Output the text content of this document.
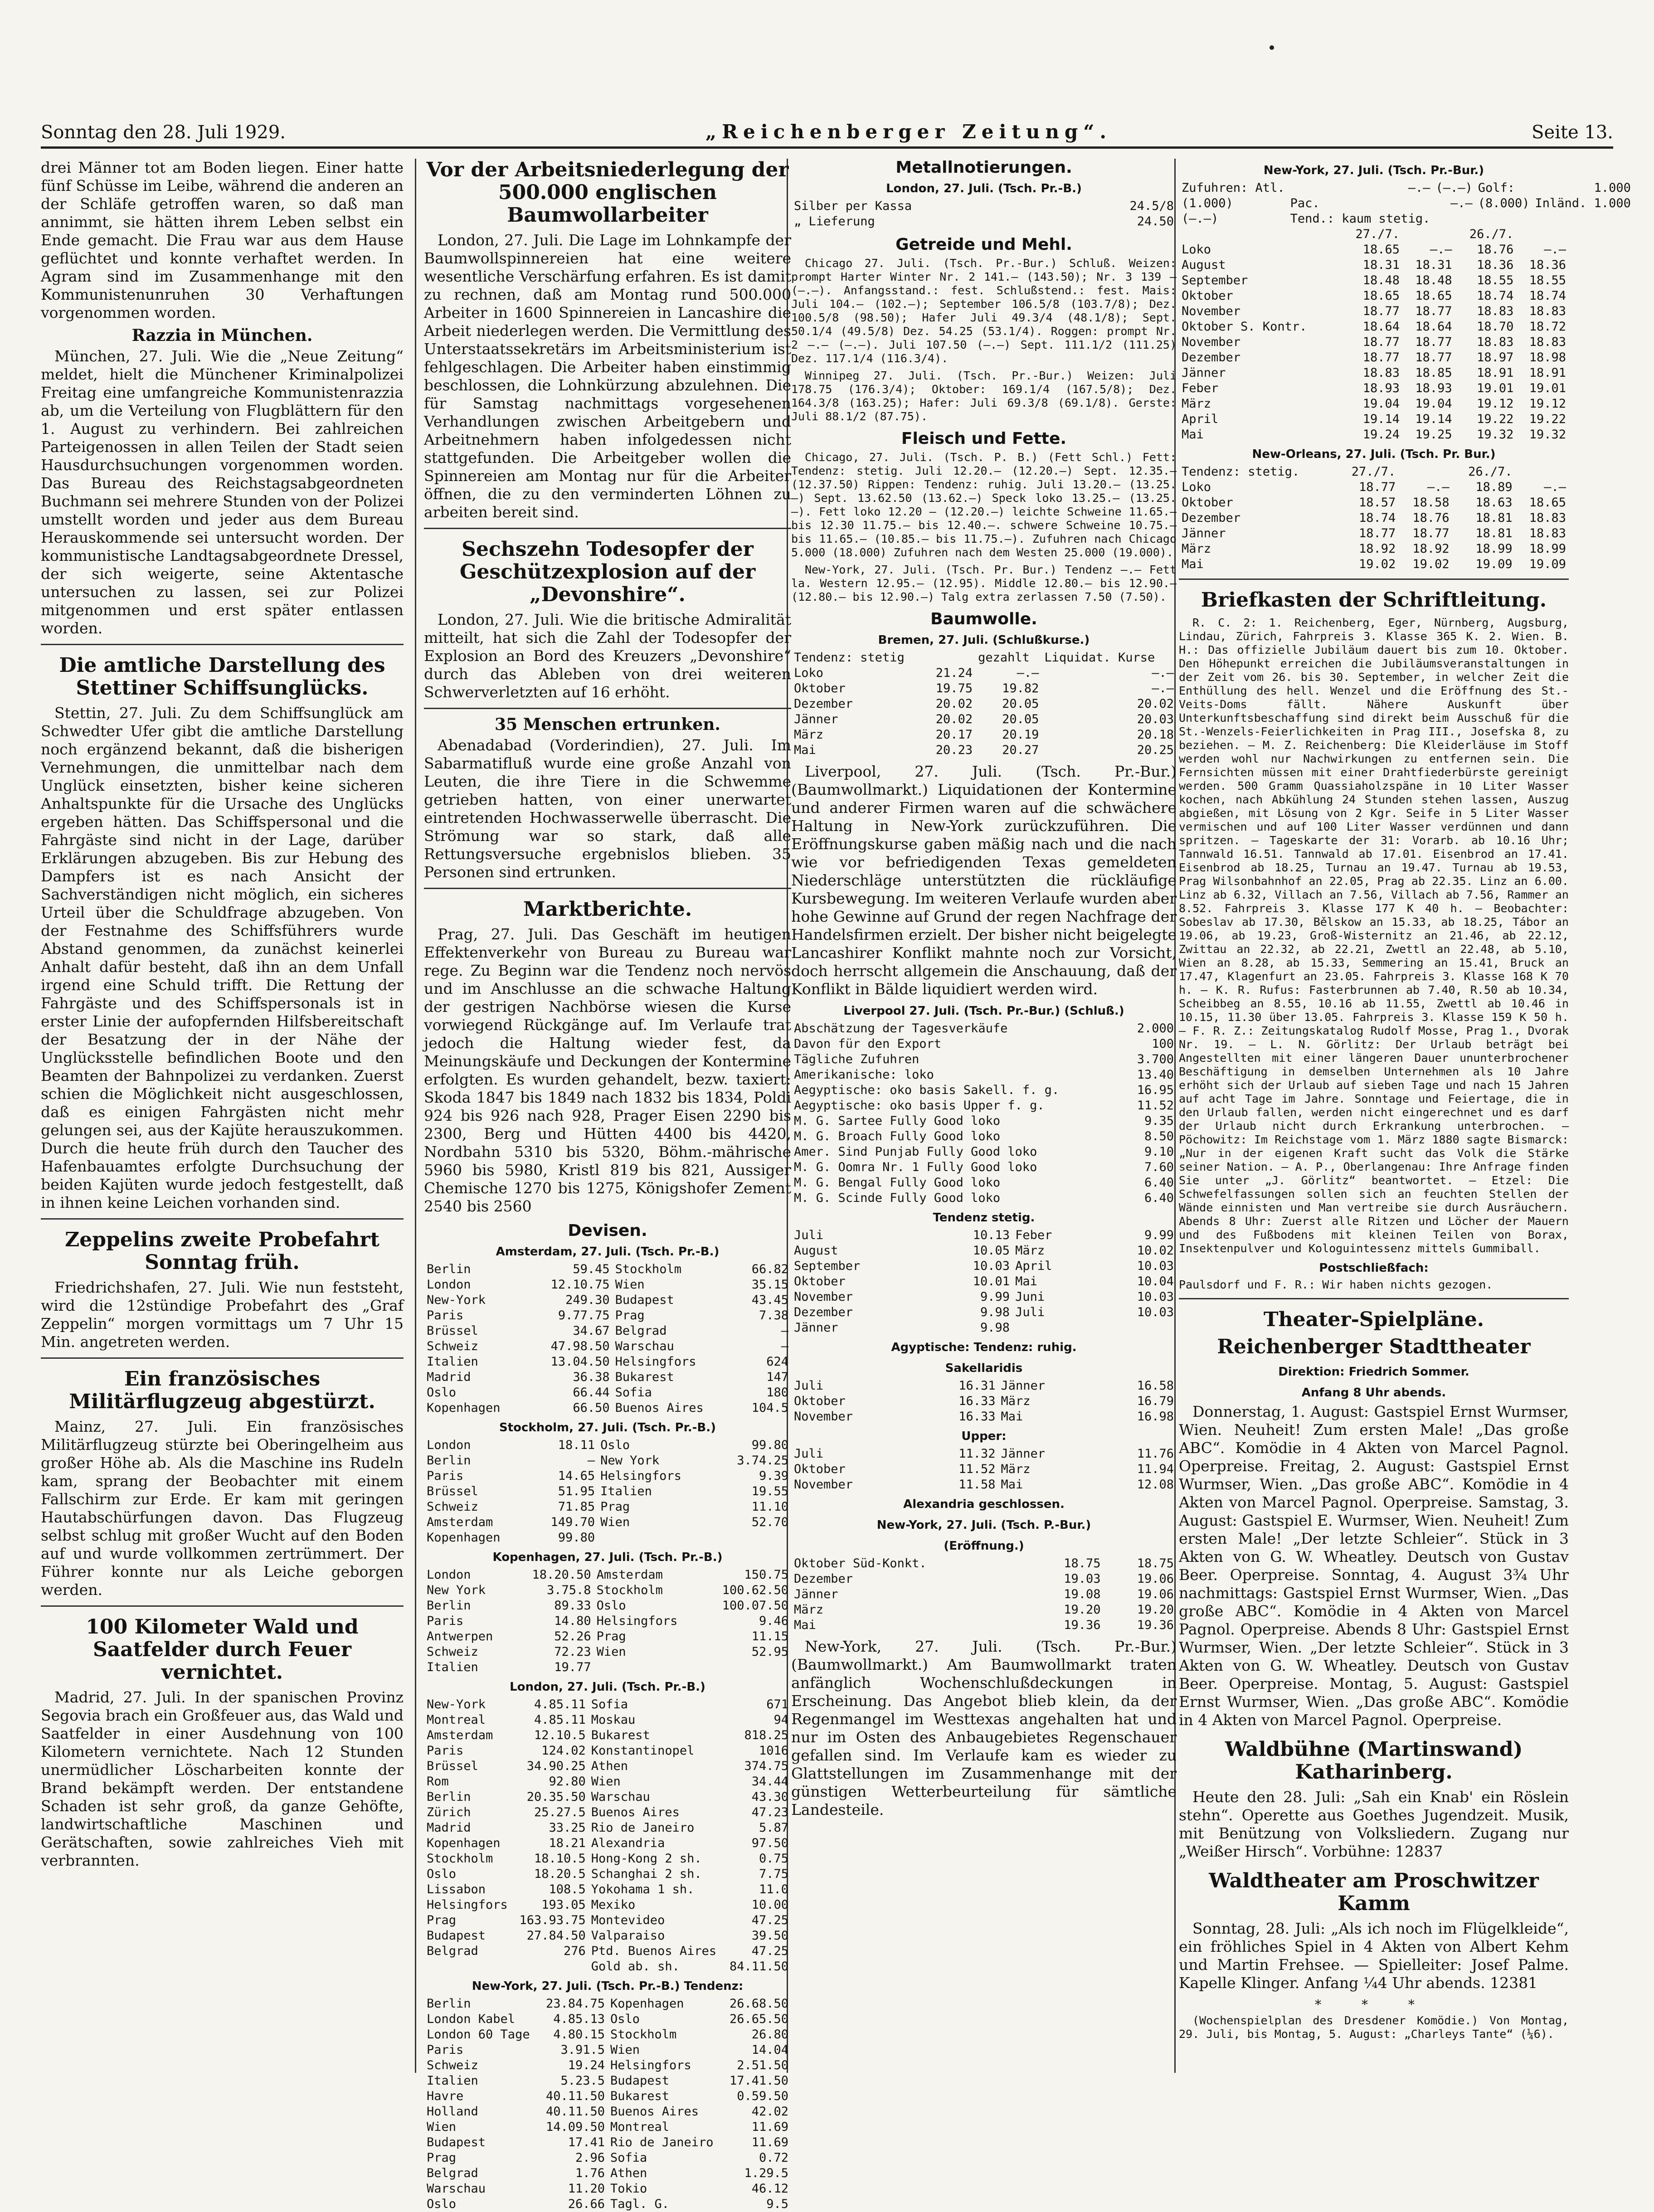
Sonntag den 28. Juli 1929.	„Reichenberger Zeitung“.	Seite 13.

drei Männer tot am Boden liegen. Einer hatte fünf Schüsse im Leibe, während die anderen an der Schläfe getroffen waren, so daß man annimmt, sie hätten ihrem Leben selbst ein Ende gemacht. Die Frau war aus dem Hause geflüchtet und konnte verhaftet werden. In Agram sind im Zusammenhange mit den Kommunistenunruhen 30 Verhaftungen vorgenommen worden.

Razzia in München.

München, 27. Juli. Wie die „Neue Zeitung“ meldet, hielt die Münchener Kriminalpolizei Freitag eine umfangreiche Kommunistenrazzia ab, um die Verteilung von Flugblättern für den 1. August zu verhindern. Bei zahlreichen Parteigenossen in allen Teilen der Stadt seien Hausdurchsuchungen vorgenommen worden. Das Bureau des Reichstagsabgeordneten Buchmann sei mehrere Stunden von der Polizei umstellt worden und jeder aus dem Bureau Herauskommende sei untersucht worden. Der kommunistische Landtagsabgeordnete Dressel, der sich weigerte, seine Aktentasche untersuchen zu lassen, sei zur Polizei mitgenommen und erst später entlassen worden.

Die amtliche Darstellung des Stettiner Schiffsunglücks.

Stettin, 27. Juli. Zu dem Schiffsunglück am Schwedter Ufer gibt die amtliche Darstellung noch ergänzend bekannt, daß die bisherigen Vernehmungen, die unmittelbar nach dem Unglück einsetzten, bisher keine sicheren Anhaltspunkte für die Ursache des Unglücks ergeben hätten. Das Schiffspersonal und die Fahrgäste sind nicht in der Lage, darüber Erklärungen abzugeben. Bis zur Hebung des Dampfers ist es nach Ansicht der Sachverständigen nicht möglich, ein sicheres Urteil über die Schuldfrage abzugeben. Von der Festnahme des Schiffsführers wurde Abstand genommen, da zunächst keinerlei Anhalt dafür besteht, daß ihn an dem Unfall irgend eine Schuld trifft. Die Rettung der Fahrgäste und des Schiffspersonals ist in erster Linie der aufopfernden Hilfsbereitschaft der Besatzung der in der Nähe der Unglücksstelle befindlichen Boote und den Beamten der Bahnpolizei zu verdanken. Zuerst schien die Möglichkeit nicht ausgeschlossen, daß es einigen Fahrgästen nicht mehr gelungen sei, aus der Kajüte herauszukommen. Durch die heute früh durch den Taucher des Hafenbauamtes erfolgte Durchsuchung der beiden Kajüten wurde jedoch festgestellt, daß in ihnen keine Leichen vorhanden sind.

Zeppelins zweite Probefahrt Sonntag früh.

Friedrichshafen, 27. Juli. Wie nun feststeht, wird die 12stündige Probefahrt des „Graf Zeppelin“ morgen vormittags um 7 Uhr 15 Min. angetreten werden.

Ein französisches Militärflugzeug abgestürzt.

Mainz, 27. Juli. Ein französisches Militärflugzeug stürzte bei Oberingelheim aus großer Höhe ab. Als die Maschine ins Rudeln kam, sprang der Beobachter mit einem Fallschirm zur Erde. Er kam mit geringen Hautabschürfungen davon. Das Flugzeug selbst schlug mit großer Wucht auf den Boden auf und wurde vollkommen zertrümmert. Der Führer konnte nur als Leiche geborgen werden.

100 Kilometer Wald und Saatfelder durch Feuer vernichtet.

Madrid, 27. Juli. In der spanischen Provinz Segovia brach ein Großfeuer aus, das Wald und Saatfelder in einer Ausdehnung von 100 Kilometern vernichtete. Nach 12 Stunden unermüdlicher Löscharbeiten konnte der Brand bekämpft werden. Der entstandene Schaden ist sehr groß, da ganze Gehöfte, landwirtschaftliche Maschinen und Gerätschaften, sowie zahlreiches Vieh mit verbrannten.

Vor der Arbeitsniederlegung der 500.000 englischen Baumwollarbeiter

London, 27. Juli. Die Lage im Lohnkampfe der Baumwollspinnereien hat eine weitere wesentliche Verschärfung erfahren. Es ist damit zu rechnen, daß am Montag rund 500.000 Arbeiter in 1600 Spinnereien in Lancashire die Arbeit niederlegen werden. Die Vermittlung des Unterstaatssekretärs im Arbeitsministerium ist fehlgeschlagen. Die Arbeiter haben einstimmig beschlossen, die Lohnkürzung abzulehnen. Die für Samstag nachmittags vorgesehenen Verhandlungen zwischen Arbeitgebern und Arbeitnehmern haben infolgedessen nicht stattgefunden. Die Arbeitgeber wollen die Spinnereien am Montag nur für die Arbeiter öffnen, die zu den verminderten Löhnen zu arbeiten bereit sind.

Sechszehn Todesopfer der Geschützexplosion auf der „Devonshire“.

London, 27. Juli. Wie die britische Admiralität mitteilt, hat sich die Zahl der Todesopfer der Explosion an Bord des Kreuzers „Devonshire“ durch das Ableben von drei weiteren Schwerverletzten auf 16 erhöht.

35 Menschen ertrunken.

Abenadabad (Vorderindien), 27. Juli. Im Sabarmatifluß wurde eine große Anzahl von Leuten, die ihre Tiere in die Schwemme getrieben hatten, von einer unerwartet eintretenden Hochwasserwelle überrascht. Die Strömung war so stark, daß alle Rettungsversuche ergebnislos blieben. 35 Personen sind ertrunken.

Marktberichte.

Prag, 27. Juli. Das Geschäft im heutigen Effektenverkehr von Bureau zu Bureau war rege. Zu Beginn war die Tendenz noch nervös und im Anschlusse an die schwache Haltung der gestrigen Nachbörse wiesen die Kurse vorwiegend Rückgänge auf. Im Verlaufe trat jedoch die Haltung wieder fest, da Meinungskäufe und Deckungen der Kontermine erfolgten. Es wurden gehandelt, bezw. taxiert: Skoda 1847 bis 1849 nach 1832 bis 1834, Poldi 924 bis 926 nach 928, Prager Eisen 2290 bis 2300, Berg und Hütten 4400 bis 4420, Nordbahn 5310 bis 5320, Böhm.-mährische 5960 bis 5980, Kristl 819 bis 821, Aussiger Chemische 1270 bis 1275, Königshofer Zement 2540 bis 2560

Devisen.
Amsterdam, 27. Juli. (Tsch. Pr.-B.)
Berlin	59.45	Stockholm	66.82
London	12.10.75	Wien	35.15
New-York	249.30	Budapest	43.45
Paris	9.77.75	Prag	7.38
Brüssel	34.67	Belgrad	—
Schweiz	47.98.50	Warschau	—
Italien	13.04.50	Helsingfors	624
Madrid	36.38	Bukarest	147
Oslo	66.44	Sofia	180
Kopenhagen	66.50	Buenos Aires	104.5
Stockholm, 27. Juli. (Tsch. Pr.-B.)
London	18.11	Oslo	99.80
Berlin	—	New York	3.74.25
Paris	14.65	Helsingfors	9.39
Brüssel	51.95	Italien	19.55
Schweiz	71.85	Prag	11.10
Amsterdam	149.70	Wien	52.70
Kopenhagen	99.80		
Kopenhagen, 27. Juli. (Tsch. Pr.-B.)
London	18.20.50	Amsterdam	150.75
New York	3.75.8	Stockholm	100.62.50
Berlin	89.33	Oslo	100.07.50
Paris	14.80	Helsingfors	9.46
Antwerpen	52.26	Prag	11.15
Schweiz	72.23	Wien	52.95
Italien	19.77		
London, 27. Juli. (Tsch. Pr.-B.)
New-York	4.85.11	Sofia	671
Montreal	4.85.11	Moskau	94
Amsterdam	12.10.5	Bukarest	818.25
Paris	124.02	Konstantinopel	1016
Brüssel	34.90.25	Athen	374.75
Rom	92.80	Wien	34.44
Berlin	20.35.50	Warschau	43.30
Zürich	25.27.5	Buenos Aires	47.23
Madrid	33.25	Rio de Janeiro	5.87
Kopenhagen	18.21	Alexandria	97.50
Stockholm	18.10.5	Hong-Kong 2 sh.	0.75
Oslo	18.20.5	Schanghai 2 sh.	7.75
Lissabon	108.5	Yokohama 1 sh.	11.0
Helsingfors	193.05	Mexiko	10.00
Prag	163.93.75	Montevideo	47.25
Budapest	27.84.50	Valparaiso	39.50
Belgrad	276	Ptd. Buenos Aires	47.25
		Gold ab. sh.	84.11.50
New-York, 27. Juli. (Tsch. Pr.-B.) Tendenz:
Berlin	23.84.75	Kopenhagen	26.68.50
London Kabel	4.85.13	Oslo	26.65.50
London 60 Tage	4.80.15	Stockholm	26.80
Paris	3.91.5	Wien	14.04
Schweiz	19.24	Helsingfors	2.51.50
Italien	5.23.5	Budapest	17.41.50
Havre	40.11.50	Bukarest	0.59.50
Holland	40.11.50	Buenos Aires	42.02
Wien	14.09.50	Montreal	11.69
Budapest	17.41	Rio de Janeiro	11.69
Prag	2.96	Sofia	0.72
Belgrad	1.76	Athen	1.29.5
Warschau	11.20	Tokio	46.12
Oslo	26.66	Tagl. G.	9.5
Metallnotierungen.
London, 27. Juli. (Tsch. Pr.-B.)
Silber per Kassa	24.5/8
„ Lieferung	24.50
Getreide und Mehl.

Chicago 27. Juli. (Tsch. Pr.-Bur.) Schluß. Weizen: prompt Harter Winter Nr. 2 141.— (143.50); Nr. 3 139 — (—.—). Anfangsstand.: fest. Schlußstend.: fest. Mais: Juli 104.— (102.—); September 106.5/8 (103.7/8); Dez. 100.5/8 (98.50); Hafer Juli 49.3/4 (48.1/8); Sept. 50.1/4 (49.5/8) Dez. 54.25 (53.1/4). Roggen: prompt Nr. 2 —.— (—.—). Juli 107.50 (—.—) Sept. 111.1/2 (111.25) Dez. 117.1/4 (116.3/4).

Winnipeg 27. Juli. (Tsch. Pr.-Bur.) Weizen: Juli 178.75 (176.3/4); Oktober: 169.1/4 (167.5/8); Dez. 164.3/8 (163.25); Hafer: Juli 69.3/8 (69.1/8). Gerste: Juli 88.1/2 (87.75).

Fleisch und Fette.

Chicago, 27. Juli. (Tsch. P. B.) (Fett Schl.) Fett: Tendenz: stetig. Juli 12.20.— (12.20.—) Sept. 12.35.— (12.37.50) Rippen: Tendenz: ruhig. Juli 13.20.— (13.25.—) Sept. 13.62.50 (13.62.—) Speck loko 13.25.— (13.25.—). Fett loko 12.20 — (12.20.—) leichte Schweine 11.65.— bis 12.30 11.75.— bis 12.40.—. schwere Schweine 10.75.— bis 11.65.— (10.85.— bis 11.75.—). Zufuhren nach Chicago 5.000 (18.000) Zufuhren nach dem Westen 25.000 (19.000).

New-York, 27. Juli. (Tsch. Pr. Bur.) Tendenz —.— Fett la. Western 12.95.— (12.95). Middle 12.80.— bis 12.90.— (12.80.— bis 12.90.—) Talg extra zerlassen 7.50 (7.50).

Baumwolle.
Bremen, 27. Juli. (Schlußkurse.)
Tendenz: stetig		gezahlt	Liquidat. Kurse
Loko	21.24	—.—	—.—
Oktober	19.75	19.82	—.—
Dezember	20.02	20.05	20.02
Jänner	20.02	20.05	20.03
März	20.17	20.19	20.18
Mai	20.23	20.27	20.25

Liverpool, 27. Juli. (Tsch. Pr.-Bur.) (Baumwollmarkt.) Liquidationen der Kontermine und anderer Firmen waren auf die schwächere Haltung in New-York zurückzuführen. Die Eröffnungskurse gaben mäßig nach und die nach wie vor befriedigenden Texas gemeldeten Niederschläge unterstützten die rückläufige Kursbewegung. Im weiteren Verlaufe wurden aber hohe Gewinne auf Grund der regen Nachfrage der Handelsfirmen erzielt. Der bisher nicht beigelegte Lancashirer Konflikt mahnte noch zur Vorsicht, doch herrscht allgemein die Anschauung, daß der Konflikt in Bälde liquidiert werden wird.

Liverpool 27. Juli. (Tsch. Pr.-Bur.) (Schluß.)
Abschätzung der Tagesverkäufe	2.000
Davon für den Export	100
Tägliche Zufuhren	3.700
Amerikanische: loko	13.40
Aegyptische: oko basis Sakell. f. g.	16.95
Aegyptische: oko basis Upper f. g.	11.52
M. G. Sartee Fully Good loko	9.35
M. G. Broach Fully Good loko	8.50
Amer. Sind Punjab Fully Good loko	9.10
M. G. Oomra Nr. 1 Fully Good loko	7.60
M. G. Bengal Fully Good loko	6.40
M. G. Scinde Fully Good loko	6.40
Tendenz stetig.
Juli	10.13	Feber	9.99
August	10.05	März	10.02
September	10.03	April	10.03
Oktober	10.01	Mai	10.04
November	9.99	Juni	10.03
Dezember	9.98	Juli	10.03
Jänner	9.98		
Agyptische: Tendenz: ruhig.
Sakellaridis
Juli	16.31	Jänner	16.58
Oktober	16.33	März	16.79
November	16.33	Mai	16.98
Upper:
Juli	11.32	Jänner	11.76
Oktober	11.52	März	11.94
November	11.58	Mai	12.08
Alexandria geschlossen.
New-York, 27. Juli. (Tsch. P.-Bur.)
(Eröffnung.)
Oktober Süd-Konkt.	18.75	18.75
Dezember	19.03	19.06
Jänner	19.08	19.06
März	19.20	19.20
Mai	19.36	19.36

New-York, 27. Juli. (Tsch. Pr.-Bur.) (Baumwollmarkt.) Am Baumwollmarkt traten anfänglich Wochenschlußdeckungen in Erscheinung. Das Angebot blieb klein, da der Regenmangel im Westtexas angehalten hat und nur im Osten des Anbaugebietes Regenschauer gefallen sind. Im Verlaufe kam es wieder zu Glattstellungen im Zusammenhange mit der günstigen Wetterbeurteilung für sämtliche Landesteile.

New-York, 27. Juli. (Tsch. Pr.-Bur.)
Zufuhren: Atl.	—.—	(—.—)	Golf:	1.000
(1.000)	Pac.	—.—	(8.000)	Inländ. 1.000
(—.—)	Tend.: kaum stetig.			
	27./7.		26./7.	
Loko	18.65	—.—	18.76	—.—
August	18.31	18.31	18.36	18.36
September	18.48	18.48	18.55	18.55
Oktober	18.65	18.65	18.74	18.74
November	18.77	18.77	18.83	18.83
Oktober S. Kontr.	18.64	18.64	18.70	18.72
November	18.77	18.77	18.83	18.83
Dezember	18.77	18.77	18.97	18.98
Jänner	18.83	18.85	18.91	18.91
Feber	18.93	18.93	19.01	19.01
März	19.04	19.04	19.12	19.12
April	19.14	19.14	19.22	19.22
Mai	19.24	19.25	19.32	19.32
New-Orleans, 27. Juli. (Tsch. Pr. Bur.)
Tendenz: stetig.	27./7.		26./7.	
Loko	18.77	—.—	18.89	—.—
Oktober	18.57	18.58	18.63	18.65
Dezember	18.74	18.76	18.81	18.83
Jänner	18.77	18.77	18.81	18.83
März	18.92	18.92	18.99	18.99
Mai	19.02	19.02	19.09	19.09
Briefkasten der Schriftleitung.

R. C. 2: 1. Reichenberg, Eger, Nürnberg, Augsburg, Lindau, Zürich, Fahrpreis 3. Klasse 365 K. 2. Wien. B. H.: Das offizielle Jubiläum dauert bis zum 10. Oktober. Den Höhepunkt erreichen die Jubiläumsveranstaltungen in der Zeit vom 26. bis 30. September, in welcher Zeit die Enthüllung des hell. Wenzel und die Eröffnung des St.-Veits-Doms fällt. Nähere Auskunft über Unterkunftsbeschaffung sind direkt beim Ausschuß für die St.-Wenzels-Feierlichkeiten in Prag III., Josefska 8, zu beziehen. — M. Z. Reichenberg: Die Kleiderläuse im Stoff werden wohl nur Nachwirkungen zu entfernen sein. Die Fernsichten müssen mit einer Drahtfiederbürste gereinigt werden. 500 Gramm Quassiaholzspäne in 10 Liter Wasser kochen, nach Abkühlung 24 Stunden stehen lassen, Auszug abgießen, mit Lösung von 2 Kgr. Seife in 5 Liter Wasser vermischen und auf 100 Liter Wasser verdünnen und dann spritzen. — Tageskarte der 31: Vorarb. ab 10.16 Uhr; Tannwald 16.51. Tannwald ab 17.01. Eisenbrod an 17.41. Eisenbrod ab 18.25, Turnau an 19.47. Turnau ab 19.53, Prag Wilsonbahnhof an 22.05, Prag ab 22.35. Linz an 6.00. Linz ab 6.32, Villach an 7.56, Villach ab 7.56, Rammer an 8.52. Fahrpreis 3. Klasse 177 K 40 h. — Beobachter: Sobeslav ab 17.30, Bělskow an 15.33, ab 18.25, Tábor an 19.06, ab 19.23, Groß-Wisternitz an 21.46, ab 22.12, Zwittau an 22.32, ab 22.21, Zwettl an 22.48, ab 5.10, Wien an 8.28, ab 15.33, Semmering an 15.41, Bruck an 17.47, Klagenfurt an 23.05. Fahrpreis 3. Klasse 168 K 70 h. — K. R. Rufus: Fasterbrunnen ab 7.40, R.50 ab 10.34, Scheibbeg an 8.55, 10.16 ab 11.55, Zwettl ab 10.46 in 10.15, 11.30 über 13.05. Fahrpreis 3. Klasse 159 K 50 h. — F. R. Z.: Zeitungskatalog Rudolf Mosse, Prag 1., Dvorak Nr. 19. — L. N. Görlitz: Der Urlaub beträgt bei Angestellten mit einer längeren Dauer ununterbrochener Beschäftigung in demselben Unternehmen als 10 Jahre erhöht sich der Urlaub auf sieben Tage und nach 15 Jahren auf acht Tage im Jahre. Sonntage und Feiertage, die in den Urlaub fallen, werden nicht eingerechnet und es darf der Urlaub nicht durch Erkrankung unterbrochen. — Pöchowitz: Im Reichstage vom 1. März 1880 sagte Bismarck: „Nur in der eigenen Kraft sucht das Volk die Stärke seiner Nation. — A. P., Oberlangenau: Ihre Anfrage finden Sie unter „J. Görlitz“ beantwortet. — Etzel: Die Schwefelfassungen sollen sich an feuchten Stellen der Wände einnisten und Man vertreibe sie durch Ausräuchern. Abends 8 Uhr: Zuerst alle Ritzen und Löcher der Mauern und des Fußbodens mit kleinen Teilen von Borax, Insektenpulver und Kologuintessenz mittels Gummiball.

Postschließfach:

Paulsdorf und F. R.: Wir haben nichts gezogen.

Theater-Spielpläne.
Reichenberger Stadttheater
Direktion: Friedrich Sommer.
Anfang 8 Uhr abends.

Donnerstag, 1. August: Gastspiel Ernst Wurmser, Wien. Neuheit! Zum ersten Male! „Das große ABC“. Komödie in 4 Akten von Marcel Pagnol. Operpreise. Freitag, 2. August: Gastspiel Ernst Wurmser, Wien. „Das große ABC“. Komödie in 4 Akten von Marcel Pagnol. Operpreise. Samstag, 3. August: Gastspiel E. Wurmser, Wien. Neuheit! Zum ersten Male! „Der letzte Schleier“. Stück in 3 Akten von G. W. Wheatley. Deutsch von Gustav Beer. Operpreise. Sonntag, 4. August 3¾ Uhr nachmittags: Gastspiel Ernst Wurmser, Wien. „Das große ABC“. Komödie in 4 Akten von Marcel Pagnol. Operpreise. Abends 8 Uhr: Gastspiel Ernst Wurmser, Wien. „Der letzte Schleier“. Stück in 3 Akten von G. W. Wheatley. Deutsch von Gustav Beer. Operpreise. Montag, 5. August: Gastspiel Ernst Wurmser, Wien. „Das große ABC“. Komödie in 4 Akten von Marcel Pagnol. Operpreise.

Waldbühne (Martinswand) Katharinberg.

Heute den 28. Juli: „Sah ein Knab' ein Röslein stehn“. Operette aus Goethes Jugendzeit. Musik, mit Benützung von Volksliedern. Zugang nur „Weißer Hirsch“. Vorbühne: 12837

Waldtheater am Proschwitzer Kamm

Sonntag, 28. Juli: „Als ich noch im Flügelkleide“, ein fröhliches Spiel in 4 Akten von Albert Kehm und Martin Frehsee. — Spielleiter: Josef Palme. Kapelle Klinger. Anfang ¼4 Uhr abends. 12381

* * *

(Wochenspielplan des Dresdener Komödie.) Von Montag, 29. Juli, bis Montag, 5. August: „Charleys Tante“ (¼6).
